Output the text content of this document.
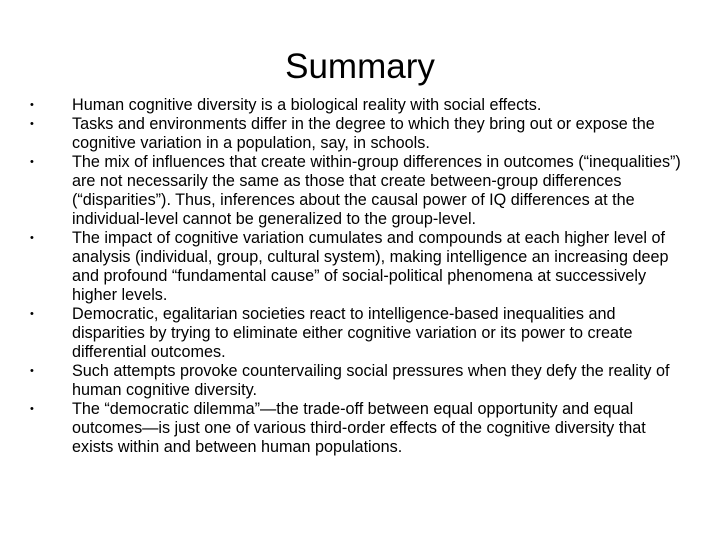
Summary
• Human cognitive diversity is a biological reality with social effects.
• Tasks and environments differ in the degree to which they bring out or expose the cognitive variation in a population, say, in schools.
• The mix of influences that create within-group differences in outcomes (“inequalities”) are not necessarily the same as those that create between-group differences (“disparities”). Thus, inferences about the causal power of IQ differences at the individual-level cannot be generalized to the group-level.
• The impact of cognitive variation cumulates and compounds at each higher level of analysis (individual, group, cultural system), making intelligence an increasing deep and profound “fundamental cause” of social-political phenomena at successively higher levels.
• Democratic, egalitarian societies react to intelligence-based inequalities and disparities by trying to eliminate either cognitive variation or its power to create differential outcomes.
• Such attempts provoke countervailing social pressures when they defy the reality of human cognitive diversity.
• The “democratic dilemma”—the trade-off between equal opportunity and equal outcomes—is just one of various third-order effects of the cognitive diversity that exists within and between human populations.
